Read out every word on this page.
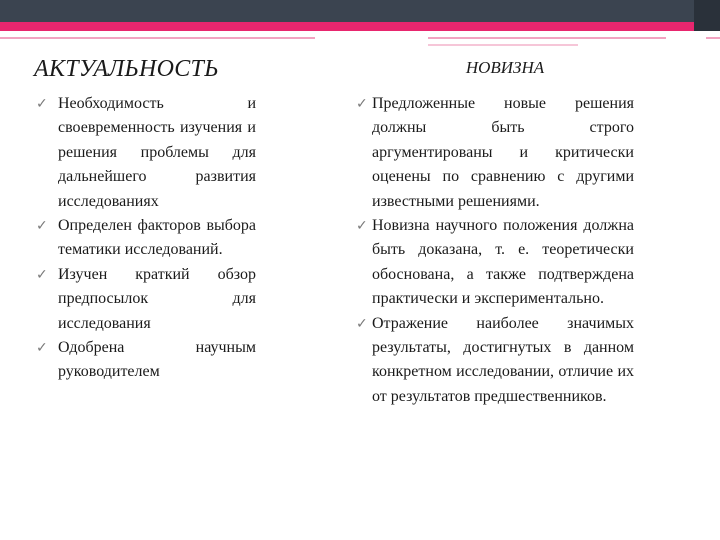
АКТУАЛЬНОСТЬ
✓ Необходимость и своевременность изучения и решения проблемы для дальнейшего развития исследованиях
✓ Определен факторов выбора тематики исследований.
✓ Изучен краткий обзор предпосылок для исследования
✓ Одобрена научным руководителем
НОВИЗНА
✓ Предложенные новые решения должны быть строго аргументированы и критически оценены по сравнению с другими известными решениями.
✓ Новизна научного положения должна быть доказана, т. е. теоретически обоснована, а также подтверждена практически и экспериментально.
✓ Отражение наиболее значимых результаты, достигнутых в данном конкретном исследовании, отличие их от результатов предшественников.
